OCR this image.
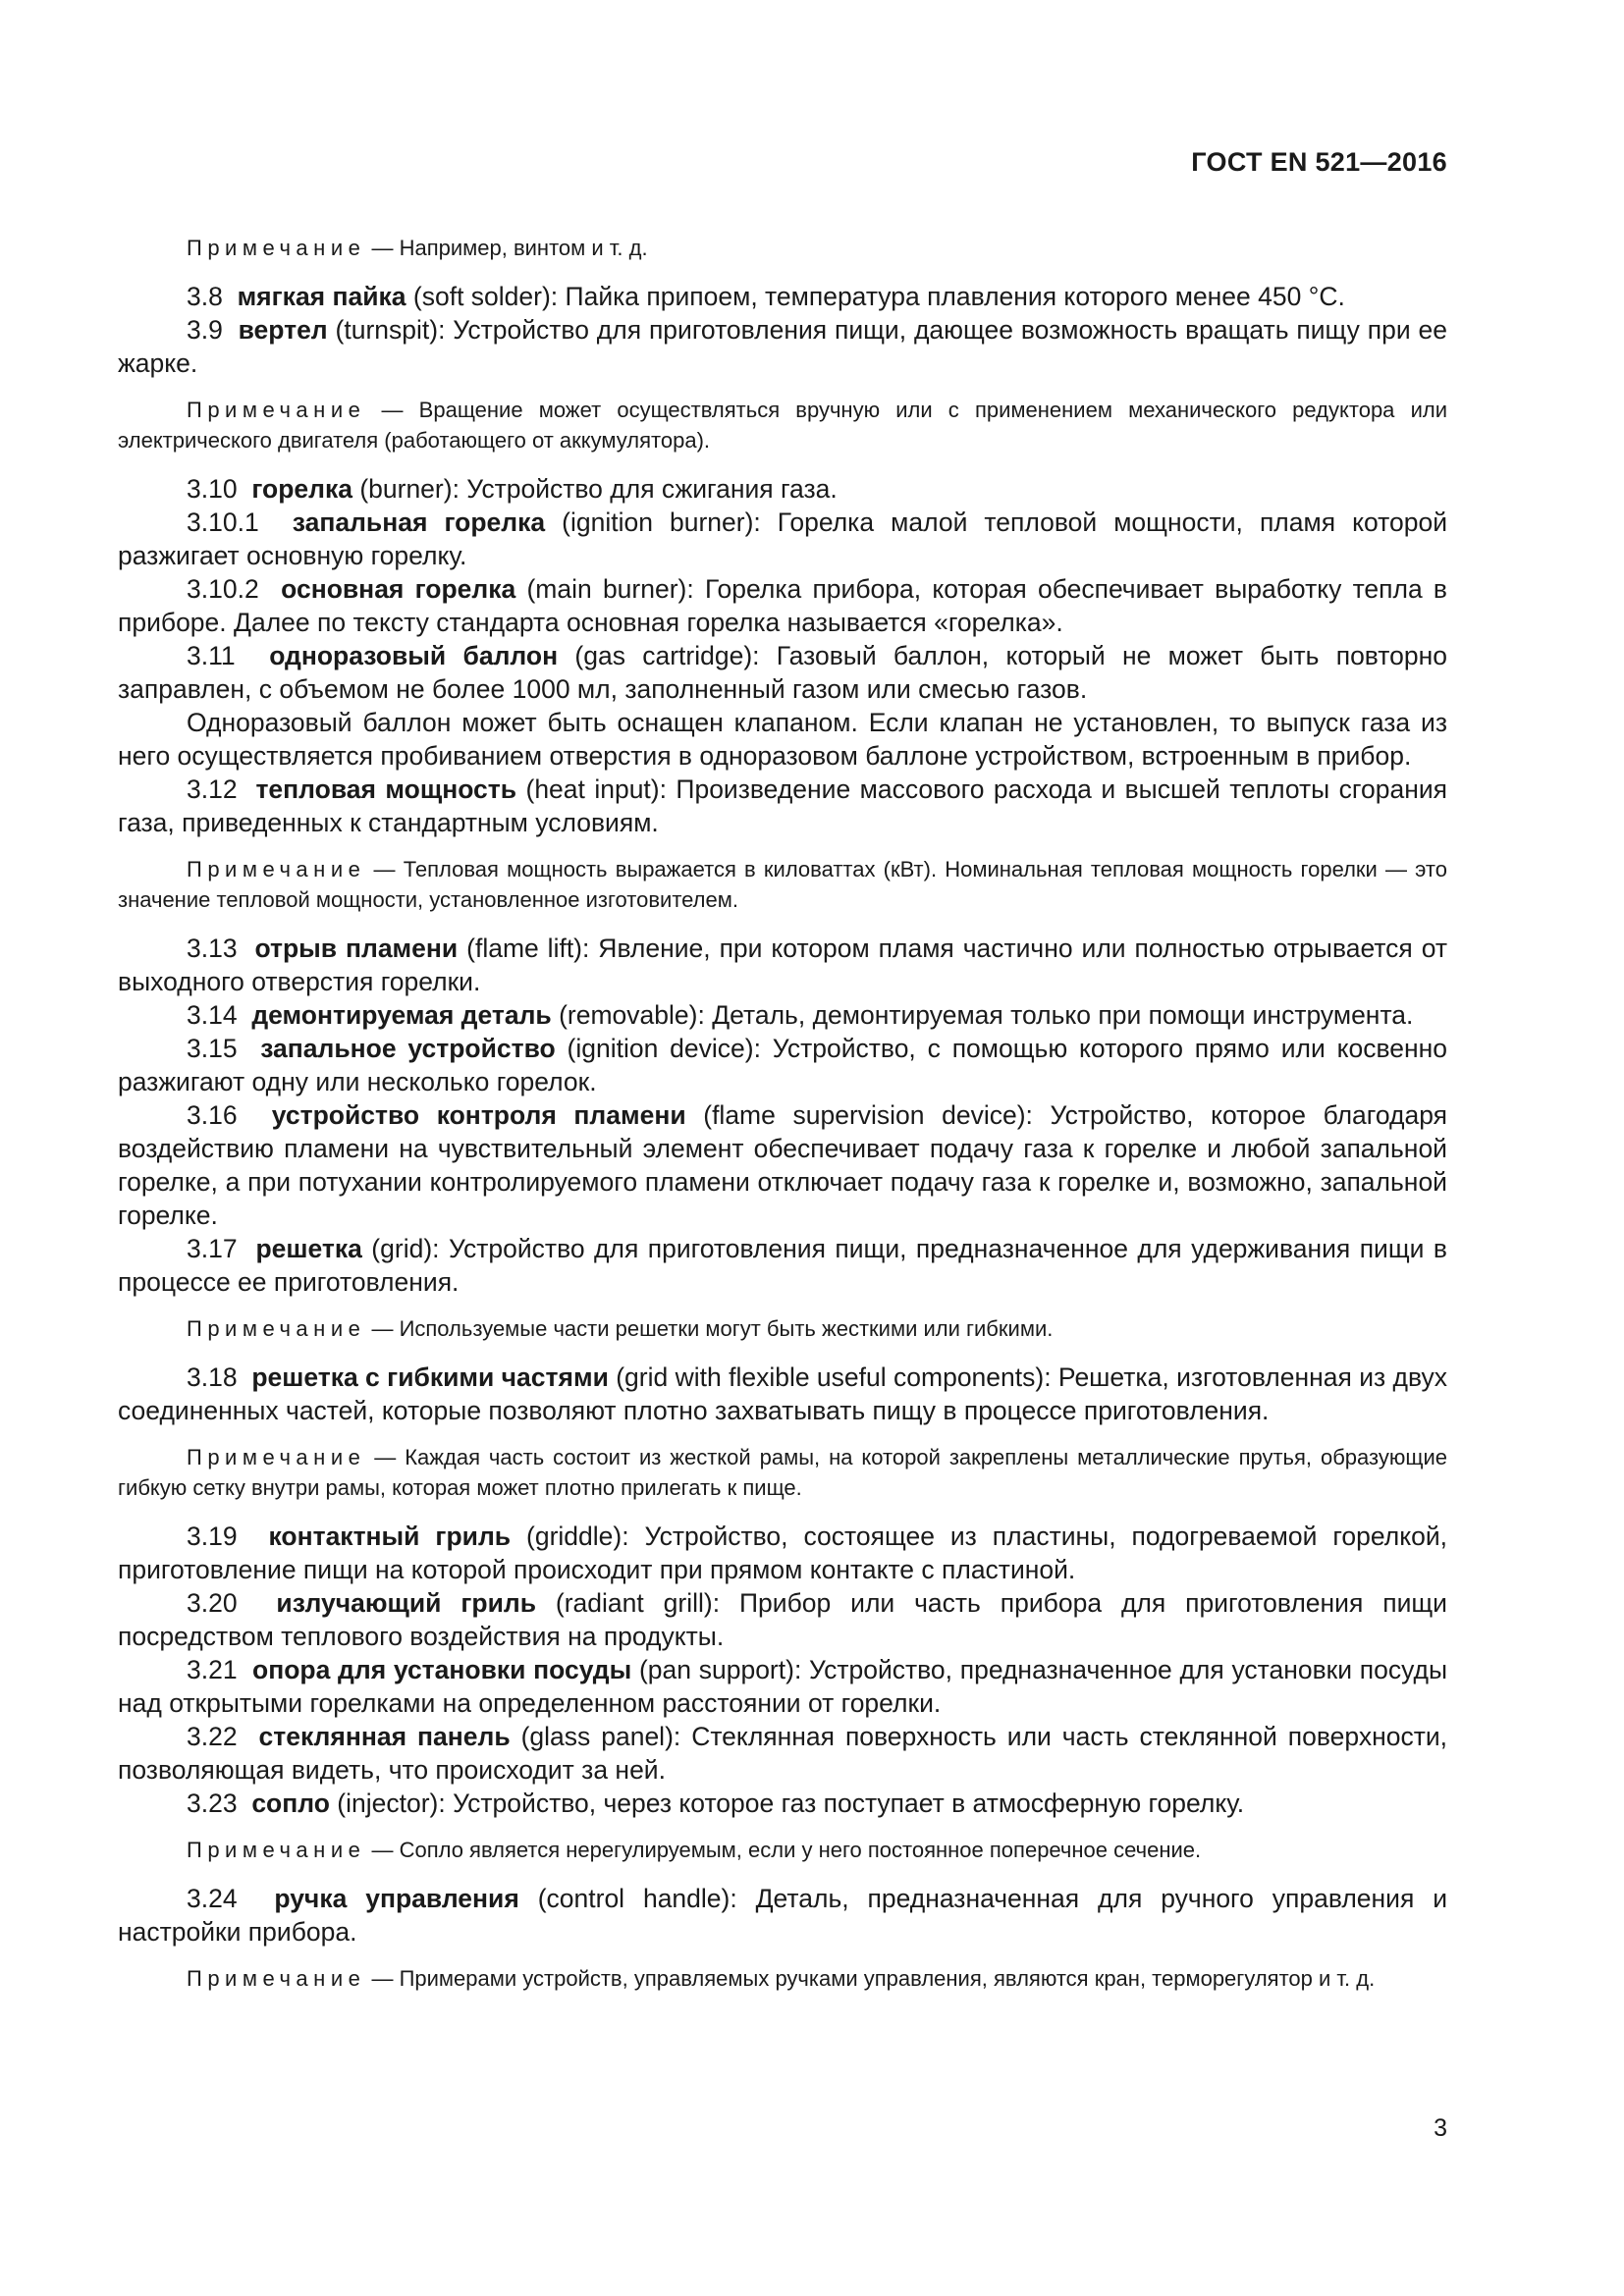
ГОСТ EN 521—2016

Примечание — Например, винтом и т. д.

3.8  мягкая пайка (soft solder): Пайка припоем, температура плавления которого менее 450 °С.

3.9  вертел (turnspit): Устройство для приготовления пищи, дающее возможность вращать пищу при ее жарке.

Примечание — Вращение может осуществляться вручную или с применением механического редуктора или электрического двигателя (работающего от аккумулятора).

3.10  горелка (burner): Устройство для сжигания газа.

3.10.1  запальная горелка (ignition burner): Горелка малой тепловой мощности, пламя которой разжигает основную горелку.

3.10.2  основная горелка (main burner): Горелка прибора, которая обеспечивает выработку тепла в приборе. Далее по тексту стандарта основная горелка называется «горелка».

3.11  одноразовый баллон (gas cartridge): Газовый баллон, который не может быть повторно заправлен, с объемом не более 1000 мл, заполненный газом или смесью газов.

Одноразовый баллон может быть оснащен клапаном. Если клапан не установлен, то выпуск газа из него осуществляется пробиванием отверстия в одноразовом баллоне устройством, встроенным в прибор.

3.12  тепловая мощность (heat input): Произведение массового расхода и высшей теплоты сгорания газа, приведенных к стандартным условиям.

Примечание — Тепловая мощность выражается в киловаттах (кВт). Номинальная тепловая мощность горелки — это значение тепловой мощности, установленное изготовителем.

3.13  отрыв пламени (flame lift): Явление, при котором пламя частично или полностью отрывается от выходного отверстия горелки.

3.14  демонтируемая деталь (removable): Деталь, демонтируемая только при помощи инструмента.

3.15  запальное устройство (ignition device): Устройство, с помощью которого прямо или косвенно разжигают одну или несколько горелок.

3.16  устройство контроля пламени (flame supervision device): Устройство, которое благодаря воздействию пламени на чувствительный элемент обеспечивает подачу газа к горелке и любой запальной горелке, а при потухании контролируемого пламени отключает подачу газа к горелке и, возможно, запальной горелке.

3.17  решетка (grid): Устройство для приготовления пищи, предназначенное для удерживания пищи в процессе ее приготовления.

Примечание — Используемые части решетки могут быть жесткими или гибкими.

3.18  решетка с гибкими частями (grid with flexible useful components): Решетка, изготовленная из двух соединенных частей, которые позволяют плотно захватывать пищу в процессе приготовления.

Примечание — Каждая часть состоит из жесткой рамы, на которой закреплены металлические прутья, образующие гибкую сетку внутри рамы, которая может плотно прилегать к пище.

3.19  контактный гриль (griddle): Устройство, состоящее из пластины, подогреваемой горелкой, приготовление пищи на которой происходит при прямом контакте с пластиной.

3.20  излучающий гриль (radiant grill): Прибор или часть прибора для приготовления пищи посредством теплового воздействия на продукты.

3.21  опора для установки посуды (pan support): Устройство, предназначенное для установки посуды над открытыми горелками на определенном расстоянии от горелки.

3.22  стеклянная панель (glass panel): Стеклянная поверхность или часть стеклянной поверхности, позволяющая видеть, что происходит за ней.

3.23  сопло (injector): Устройство, через которое газ поступает в атмосферную горелку.

Примечание — Сопло является нерегулируемым, если у него постоянное поперечное сечение.

3.24  ручка управления (control handle): Деталь, предназначенная для ручного управления и настройки прибора.

Примечание — Примерами устройств, управляемых ручками управления, являются кран, терморегулятор и т. д.

3
